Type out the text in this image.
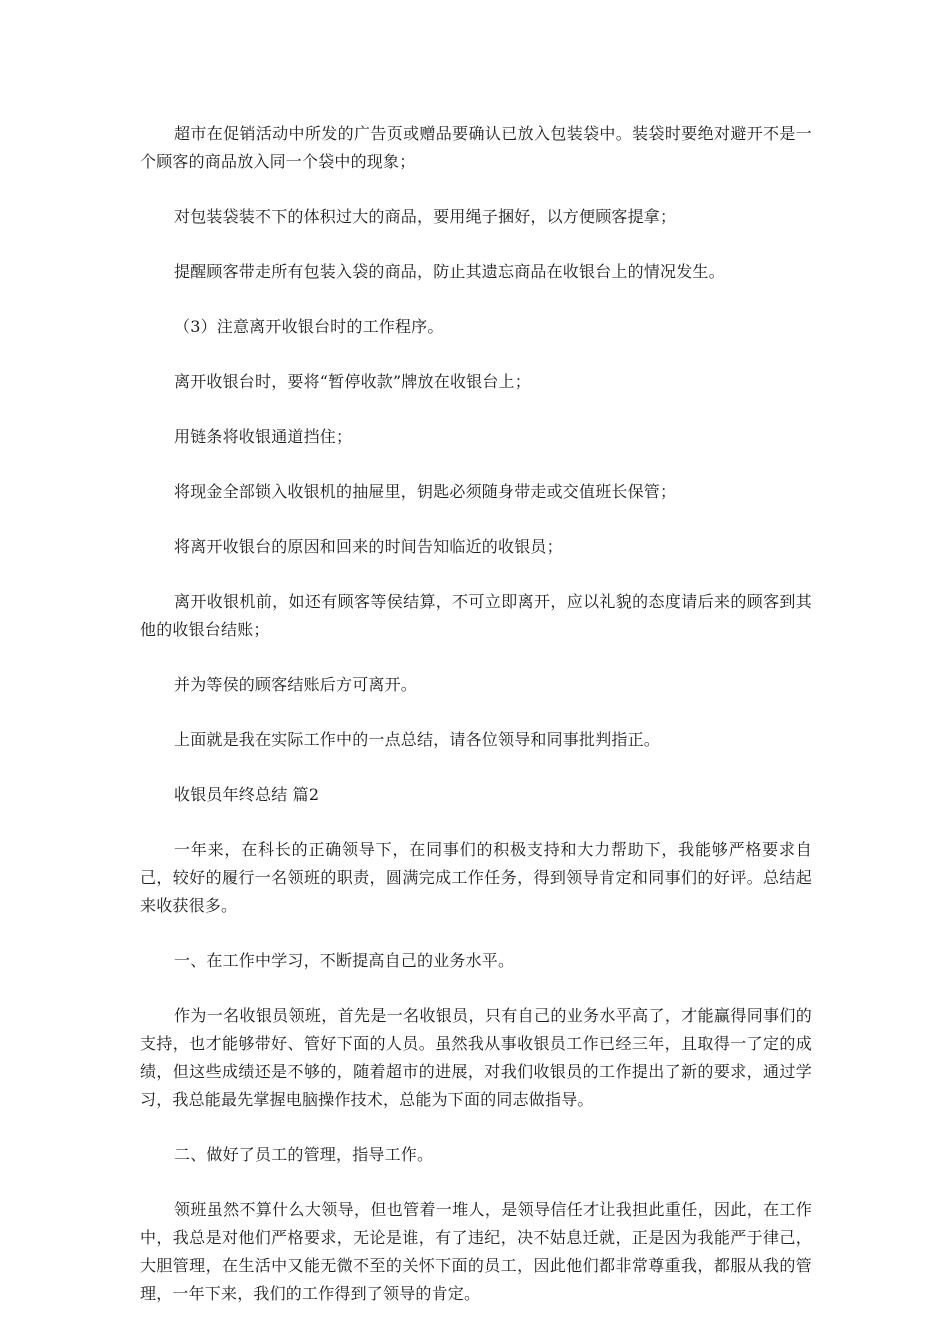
超市在促销活动中所发的广告页或赠品要确认已放入包装袋中。装袋时要绝对避开不是一个顾客的商品放入同一个袋中的现象；

对包装袋装不下的体积过大的商品，要用绳子捆好，以方便顾客提拿；

提醒顾客带走所有包装入袋的商品，防止其遗忘商品在收银台上的情况发生。

（3）注意离开收银台时的工作程序。

离开收银台时，要将“暂停收款”牌放在收银台上；

用链条将收银通道挡住；

将现金全部锁入收银机的抽屉里，钥匙必须随身带走或交值班长保管；

将离开收银台的原因和回来的时间告知临近的收银员；

离开收银机前，如还有顾客等侯结算，不可立即离开，应以礼貌的态度请后来的顾客到其他的收银台结账；

并为等侯的顾客结账后方可离开。

上面就是我在实际工作中的一点总结，请各位领导和同事批判指正。

收银员年终总结 篇2

一年来，在科长的正确领导下，在同事们的积极支持和大力帮助下，我能够严格要求自己，较好的履行一名领班的职责，圆满完成工作任务，得到领导肯定和同事们的好评。总结起来收获很多。

一、在工作中学习，不断提高自己的业务水平。

作为一名收银员领班，首先是一名收银员，只有自己的业务水平高了，才能赢得同事们的支持，也才能够带好、管好下面的人员。虽然我从事收银员工作已经三年，且取得一了定的成绩，但这些成绩还是不够的，随着超市的进展，对我们收银员的工作提出了新的要求，通过学习，我总能最先掌握电脑操作技术，总能为下面的同志做指导。

二、做好了员工的管理，指导工作。

领班虽然不算什么大领导，但也管着一堆人，是领导信任才让我担此重任，因此，在工作中，我总是对他们严格要求，无论是谁，有了违纪，决不姑息迁就，正是因为我能严于律己，大胆管理，在生活中又能无微不至的关怀下面的员工，因此他们都非常尊重我，都服从我的管理，一年下来，我们的工作得到了领导的肯定。
